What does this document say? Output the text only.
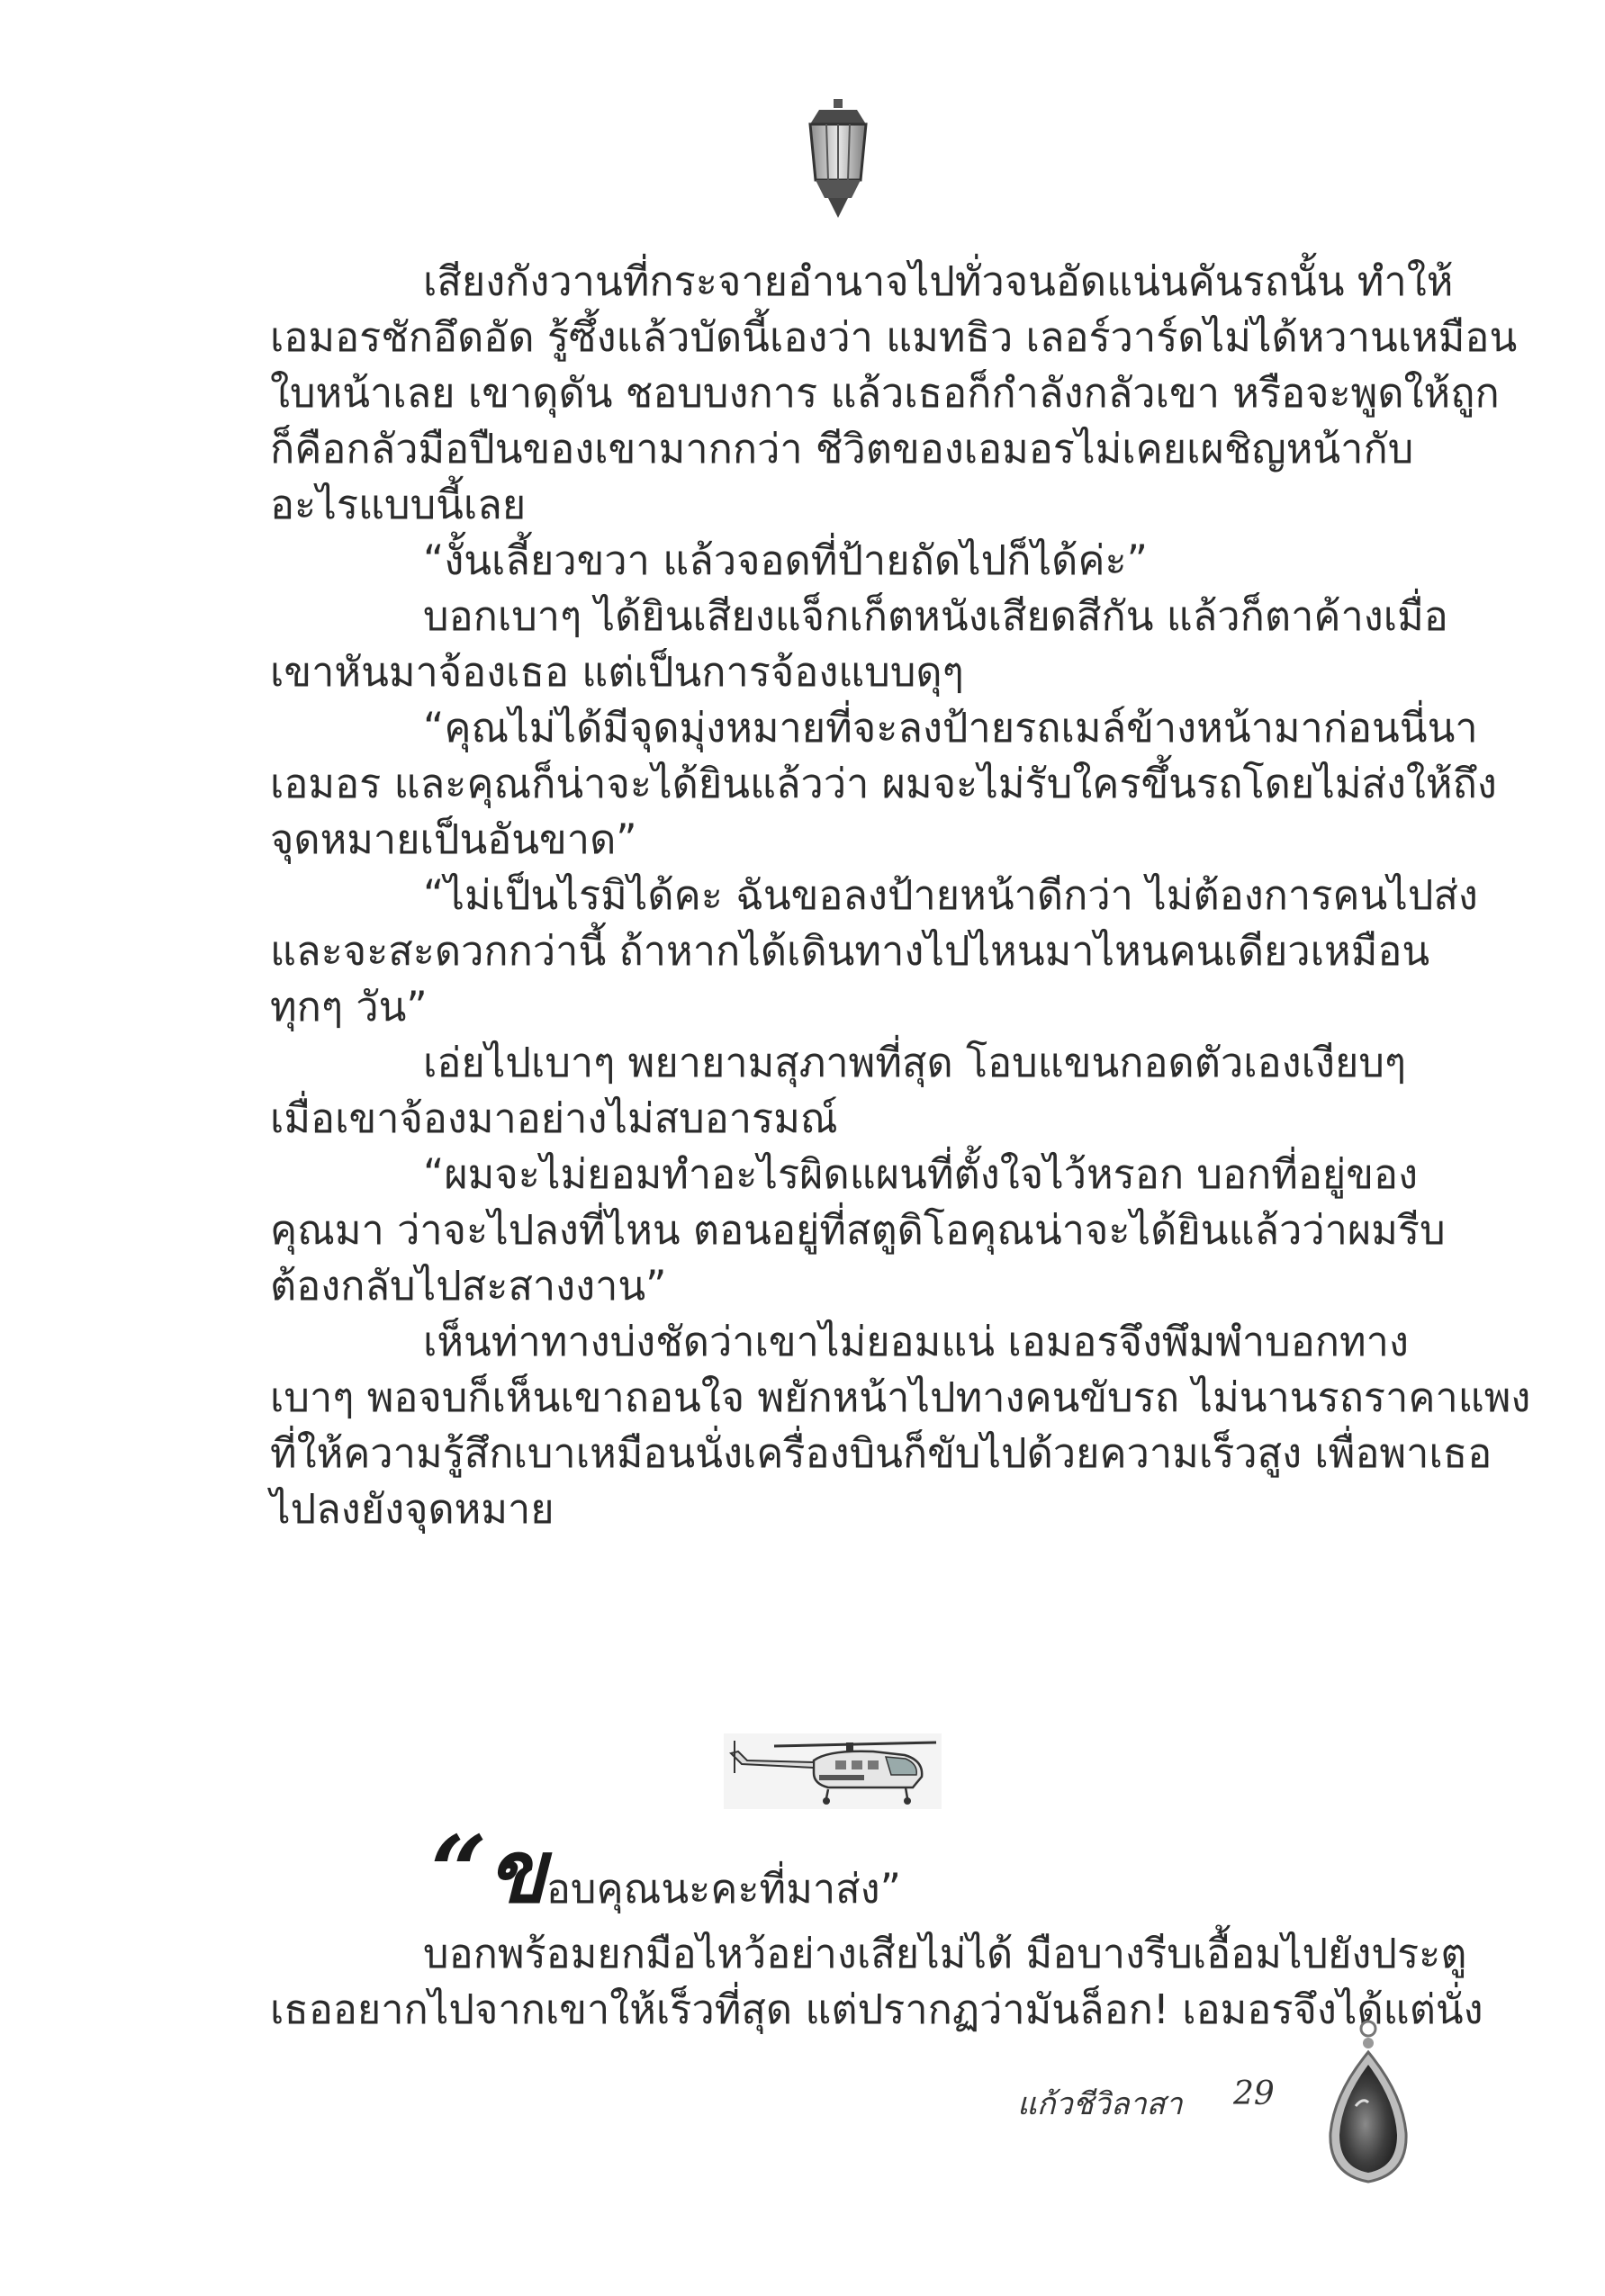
เสียงกังวานที่กระจายอำนาจไปทั่วจนอัดแน่นคันรถนั้น ทำให้
เอมอรชักอึดอัด รู้ซึ้งแล้วบัดนี้เองว่า แมทธิว เลอร์วาร์ดไม่ได้หวานเหมือน
ใบหน้าเลย เขาดุดัน ชอบบงการ แล้วเธอก็กำลังกลัวเขา หรือจะพูดให้ถูก
ก็คือกลัวมือปืนของเขามากกว่า ชีวิตของเอมอรไม่เคยเผชิญหน้ากับ
อะไรแบบนี้เลย
“งั้นเลี้ยวขวา แล้วจอดที่ป้ายถัดไปก็ได้ค่ะ”
บอกเบาๆ ได้ยินเสียงแจ็กเก็ตหนังเสียดสีกัน แล้วก็ตาค้างเมื่อ
เขาหันมาจ้องเธอ แต่เป็นการจ้องแบบดุๆ
“คุณไม่ได้มีจุดมุ่งหมายที่จะลงป้ายรถเมล์ข้างหน้ามาก่อนนี่นา
เอมอร และคุณก็น่าจะได้ยินแล้วว่า ผมจะไม่รับใครขึ้นรถโดยไม่ส่งให้ถึง
จุดหมายเป็นอันขาด”
“ไม่เป็นไรมิได้คะ ฉันขอลงป้ายหน้าดีกว่า ไม่ต้องการคนไปส่ง
และจะสะดวกกว่านี้ ถ้าหากได้เดินทางไปไหนมาไหนคนเดียวเหมือน
ทุกๆ วัน”
เอ่ยไปเบาๆ พยายามสุภาพที่สุด โอบแขนกอดตัวเองเงียบๆ
เมื่อเขาจ้องมาอย่างไม่สบอารมณ์
“ผมจะไม่ยอมทำอะไรผิดแผนที่ตั้งใจไว้หรอก บอกที่อยู่ของ
คุณมา ว่าจะไปลงที่ไหน ตอนอยู่ที่สตูดิโอคุณน่าจะได้ยินแล้วว่าผมรีบ
ต้องกลับไปสะสางงาน”
เห็นท่าทางบ่งชัดว่าเขาไม่ยอมแน่ เอมอรจึงพึมพำบอกทาง
เบาๆ พอจบก็เห็นเขาถอนใจ พยักหน้าไปทางคนขับรถ ไม่นานรถราคาแพง
ที่ให้ความรู้สึกเบาเหมือนนั่งเครื่องบินก็ขับไปด้วยความเร็วสูง เพื่อพาเธอ
ไปลงยังจุดหมาย
“ขอบคุณนะคะที่มาส่ง”
บอกพร้อมยกมือไหว้อย่างเสียไม่ได้ มือบางรีบเอื้อมไปยังประตู
เธออยากไปจากเขาให้เร็วที่สุด แต่ปรากฏว่ามันล็อก! เอมอรจึงได้แต่นั่ง
แก้วชีวิลาสา 29
